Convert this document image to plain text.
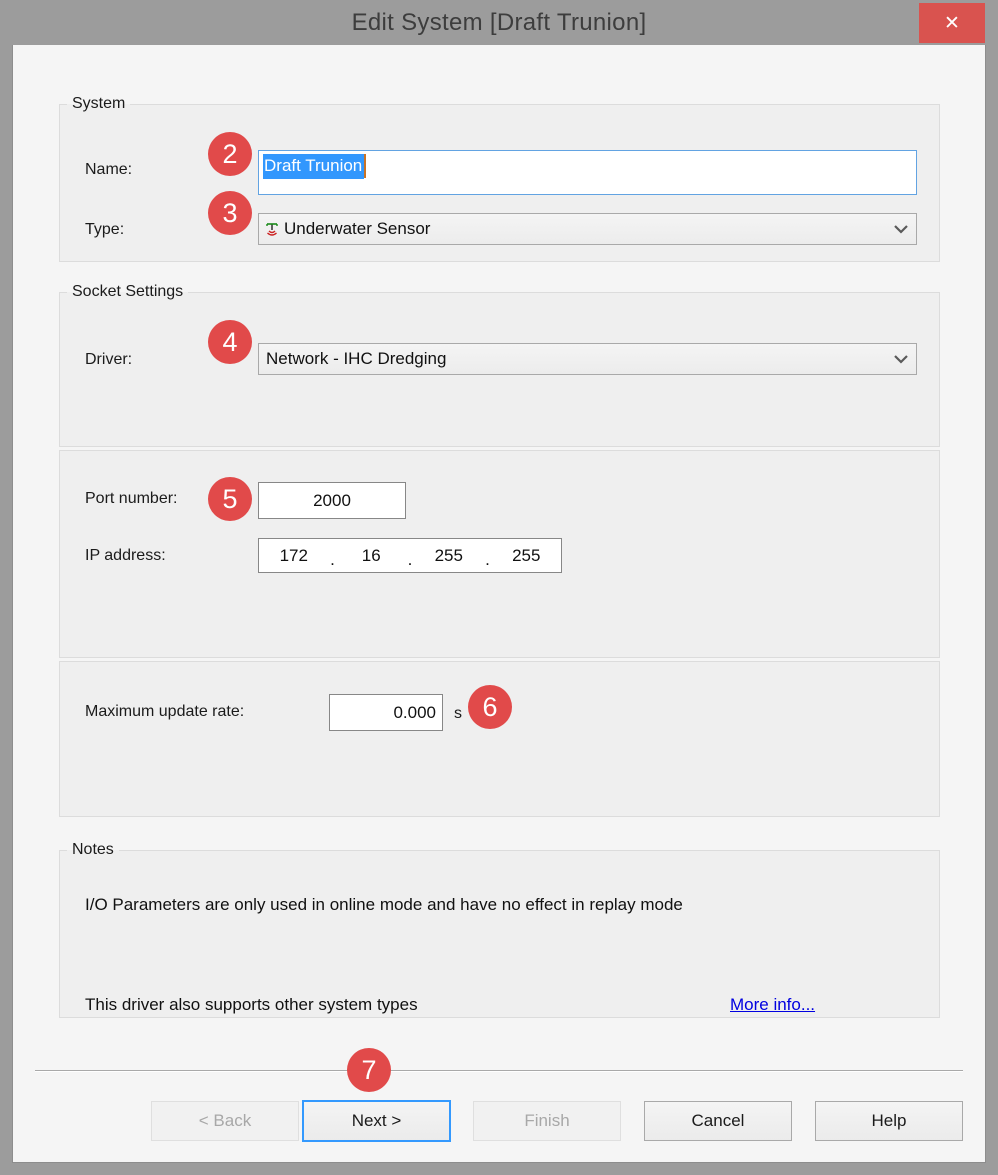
Edit System [Draft Trunion]	✕
System
Name:	Draft Trunion
Type:	Underwater Sensor
Socket Settings
Driver:	Network - IHC Dredging
Port number:	2000
IP address:	172	.	16	.	255	.	255
Maximum update rate:	0.000 s
Notes
I/O Parameters are only used in online mode and have no effect in replay mode
This driver also supports other system types	More info...
< Back	Next >	Finish	Cancel	Help
2
3
4
5
6
7
